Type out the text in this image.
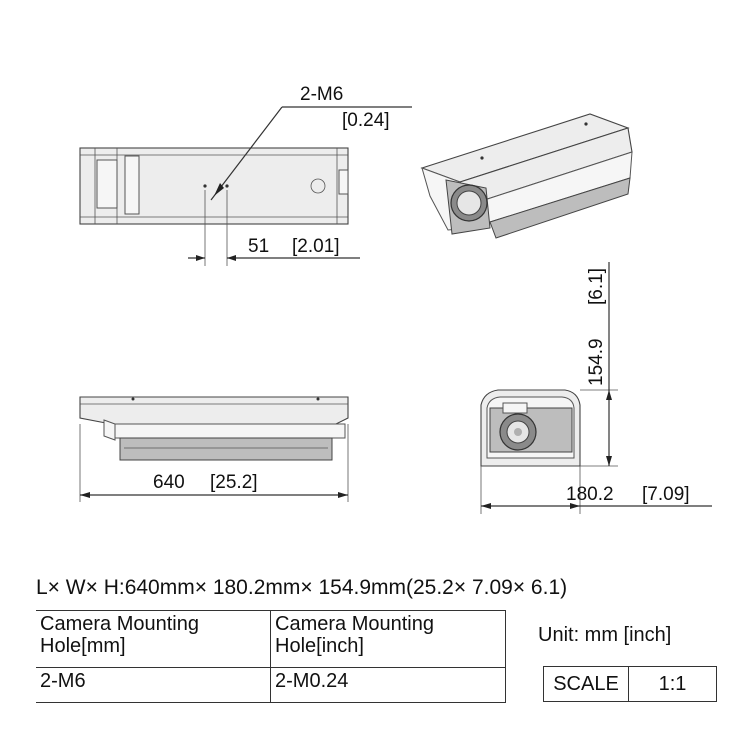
2-M6
[0.24]
51 [2.01]
640 [25.2]
154.9
[6.1]
180.2 [7.09]
L× W× H:640mm× 180.2mm× 154.9mm(25.2× 7.09× 6.1)
Camera Mounting Hole[mm]	Camera Mounting Hole[inch]
2-M6	2-M0.24
Unit: mm [inch]
SCALE	1:1
